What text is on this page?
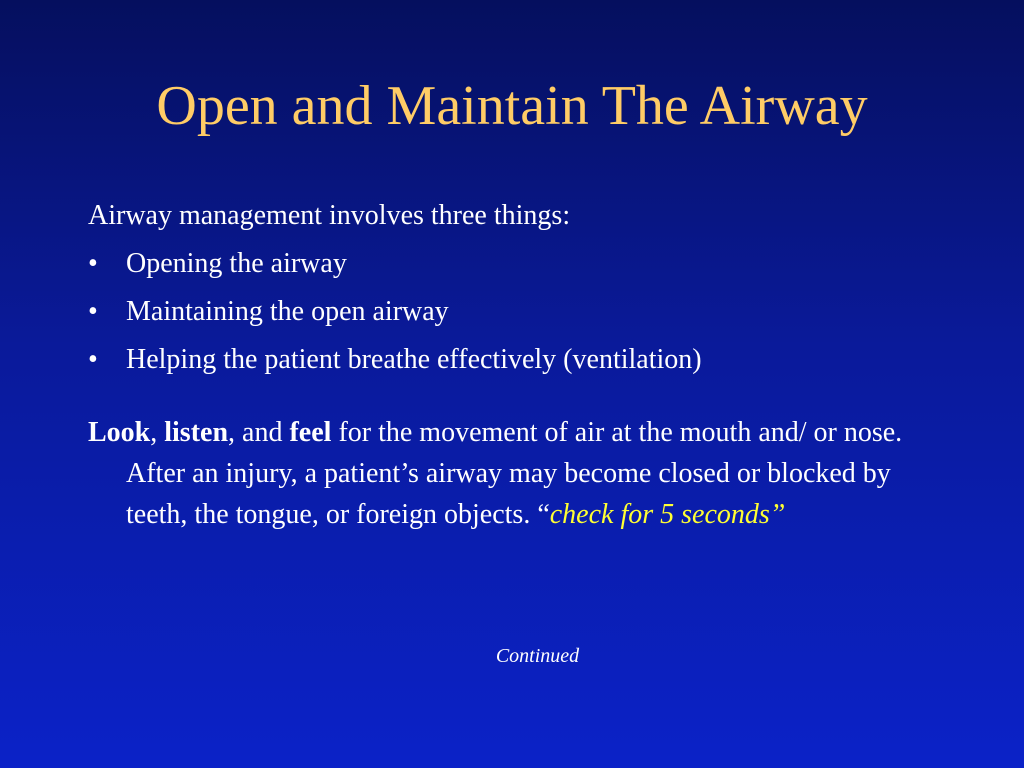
Open and Maintain The Airway

Airway management involves three things:

• Opening the airway
• Maintaining the open airway
• Helping the patient breathe effectively (ventilation)

Look, listen, and feel for the movement of air at the mouth and/ or nose. After an injury, a patient’s airway may become closed or blocked by teeth, the tongue, or foreign objects. “check for 5 seconds”

Continued
